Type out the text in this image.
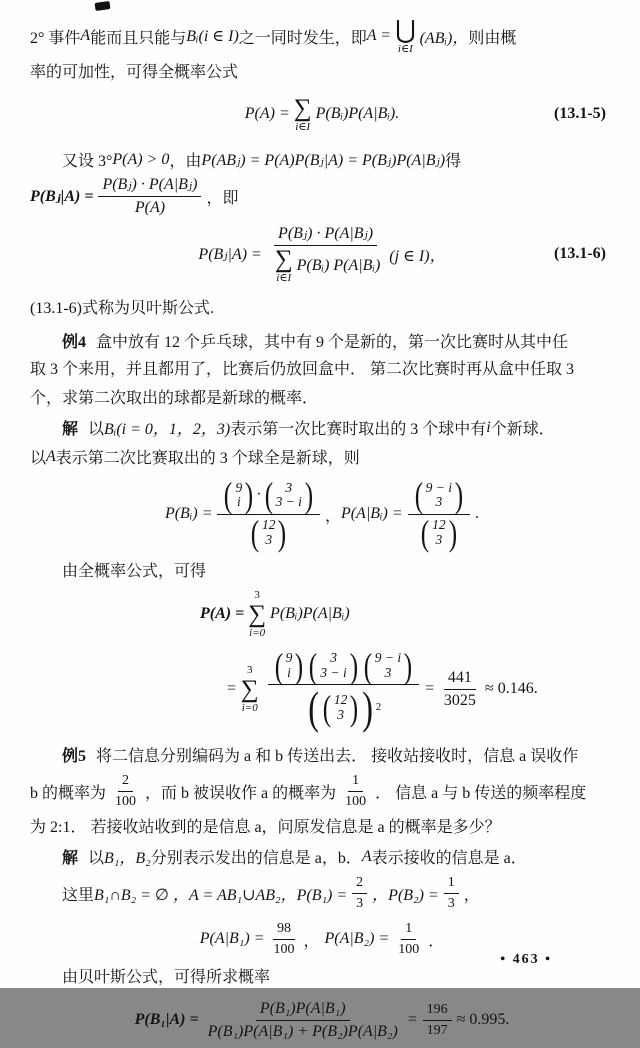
2° 事件 A 能而且只能与 Bᵢ(i ∈ I) 之一同时发生，即 A = ⋃
i∈I
(ABᵢ)， 则由概
率的可加性，可得全概率公式
P(A) = ∑
i∈I
P(Bᵢ)P(A|Bᵢ).	(13.1-5)
又设 3° P(A) > 0 ，由 P(ABⱼ) = P(A)P(Bⱼ|A) = P(Bⱼ)P(A|Bⱼ) 得
P(Bⱼ|A) = $\frac{\text{P(Bⱼ) · P(A|Bⱼ)}}{P(A)}$ ，即
P(Bⱼ|A) = P(Bⱼ) · P(A|Bⱼ)
∑
i∈I
P(Bᵢ) P(A|Bᵢ) (j ∈ I)，	(13.1-6)
(13.1-6)式称为贝叶斯公式.
例4 盒中放有 12 个乒乓球，其中有 9 个是新的，第一次比赛时从其中任
取 3 个来用，并且都用了，比赛后仍放回盒中． 第二次比赛时再从盒中任取 3
个，求第二次取出的球都是新球的概率．
解 以 Bᵢ(i = 0，1，2，3) 表示第一次比赛时取出的 3 个球中有 i 个新球．
以 A 表示第二次比赛取出的 3 个球全是新球，则
P(Bᵢ) = ( 9
i ) · ( 3
3 − i )
( 12
3 ) ， P(A|Bᵢ) = ( 9 − i
3 )
( 12
3 ) .
由全概率公式，可得
P(A) =
3
∑
i=0
P(Bᵢ)P(A|Bᵢ)
=
3
∑
i=0
( 9
i ) ( 3
3 − i ) ( 9 − i
3 )
( ( 12
3 ) ) 2
= $\frac{441}{3025} \approx 0.146$.
例5 将二信息分别编码为 a 和 b 传送出去． 接收站接收时，信息 a 误收作
b 的概率为 $\frac{2}{100}$ ，而 b 被误收作 a 的概率为 $\frac{1}{100}$ ． 信息 a 与 b 传送的频率程度
为 2:1． 若接收站收到的是信息 a，问原发信息是 a 的概率是多少？
解 以 B₁，B₂ 分别表示发出的信息是 a，b． A 表示接收的信息是 a．
这里 B₁∩B₂ = ∅ ，A = AB₁∪AB₂，$P(B_1) = \frac{2}{3}$ ，$P(B_2) = \frac{1}{3}$ ，
$P(A|B_1) = \frac{98}{100}$ ， $P(A|B_2) = \frac{1}{100}$ ．
由贝叶斯公式，可得所求概率
$P(B_1|A) = \frac{\text{P(B₁)P(A|B₁)}}{\text{P(B₁)P(A|B₁) + P(B₂)P(A|B₂)}} = \frac{196}{197} \approx 0.995$.
• 463 •
